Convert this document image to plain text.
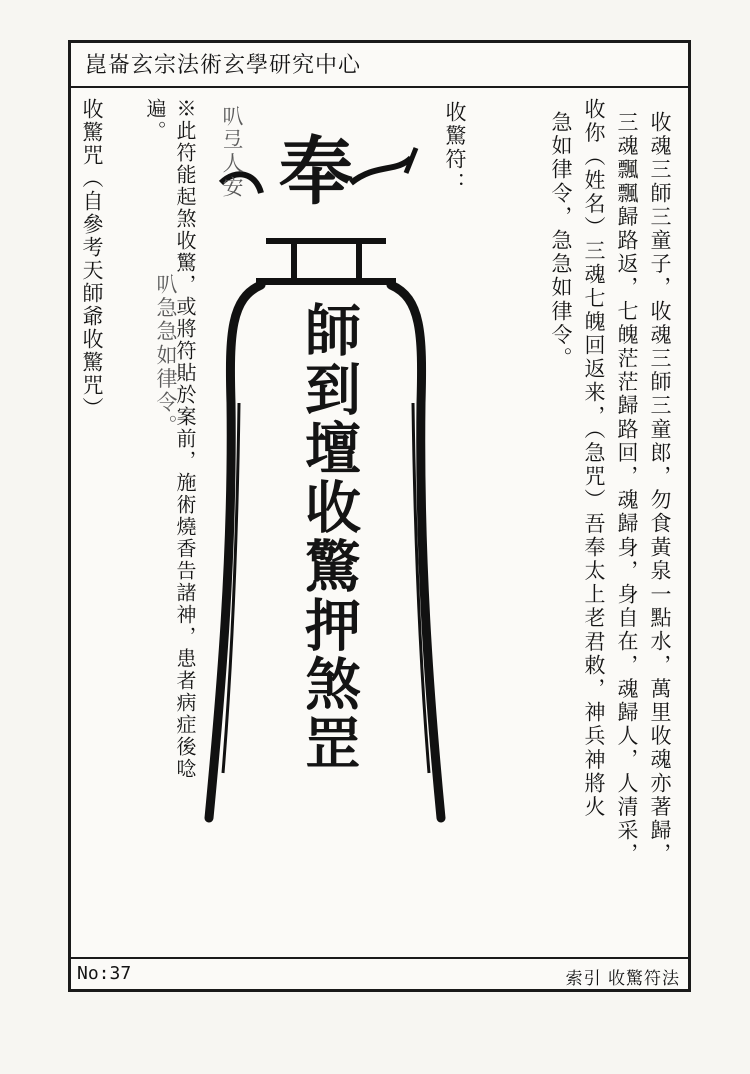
崑崙玄宗法術玄學研究中心
收魂三師三童子，收魂三師三童郎，勿食黃泉一點水，萬里收魂亦著歸，
三魂飄飄歸路返，七魄茫茫歸路回，魂歸身，身自在，魂歸人，人清采，
收你（姓名）三魂七魄回返来，（急咒）吾奉太上老君敕，神兵神將火
急如律令，急急如律令。
收驚符：
奉
師到壇收驚押煞罡
叭弖人安
叭急急如律令。
※此符能起煞收驚，或將符貼於案前，施術燒香告諸神，患者病症後唸
遍。
收驚咒（自參考天師爺收驚咒）
No:37	索引 收驚符法
